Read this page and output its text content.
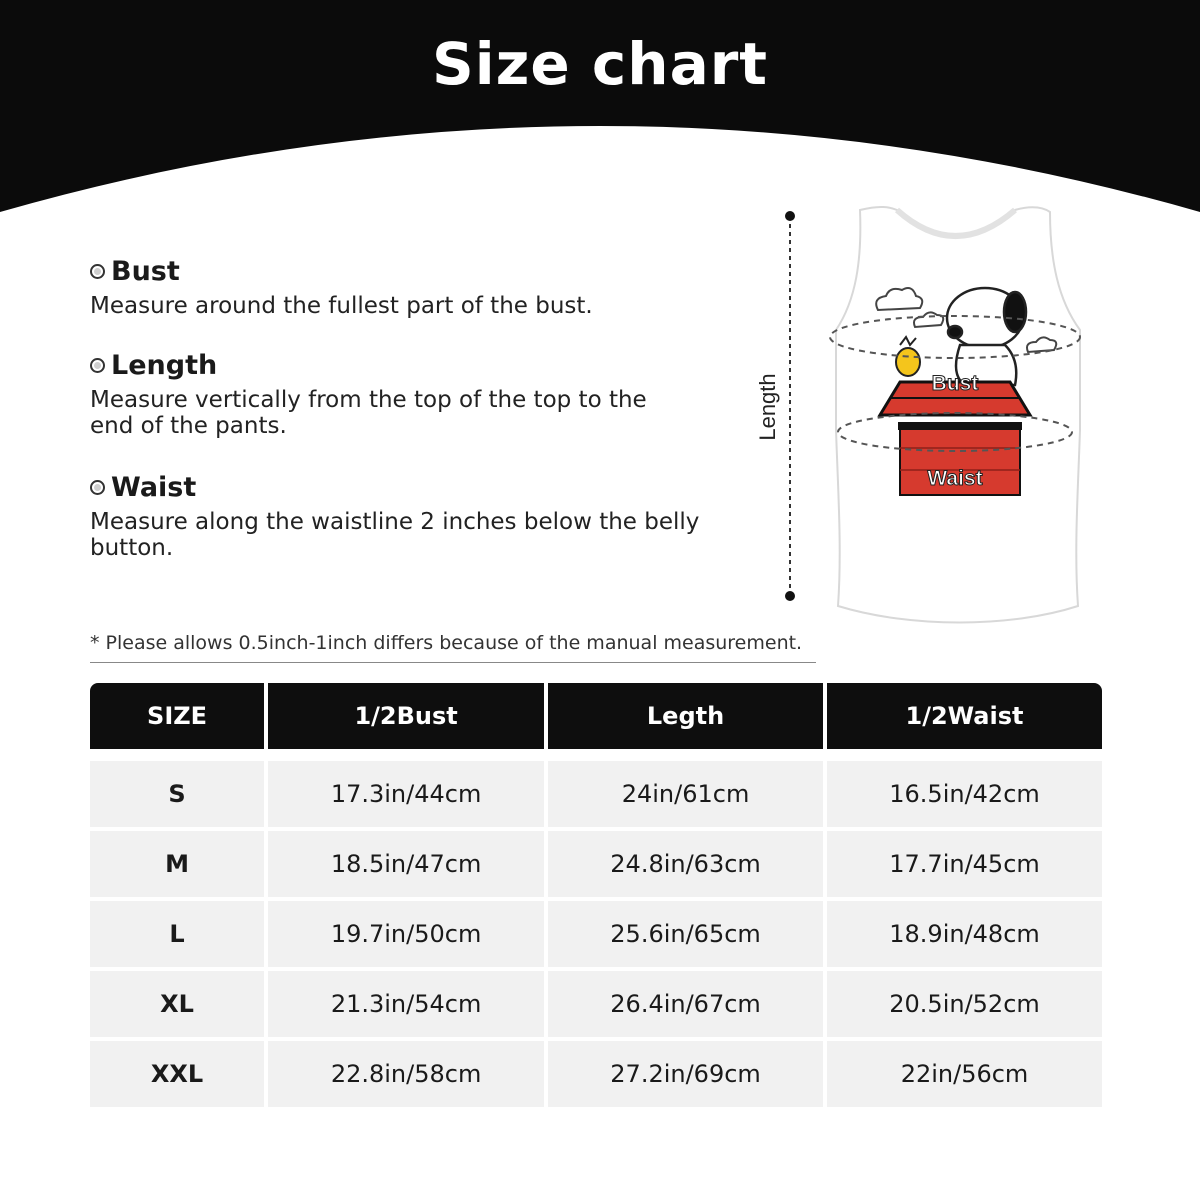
Size chart
Bust
Measure around the fullest part of the bust.
Length
Measure vertically from the top of the top to the end of the pants.
Waist
Measure along the waistline 2 inches below the belly button.
Length	Bust
Waist
* Please allows 0.5inch-1inch differs because of the manual measurement.
SIZE	1/2Bust	Legth	1/2Waist

S	17.3in/44cm	24in/61cm	16.5in/42cm
M	18.5in/47cm	24.8in/63cm	17.7in/45cm
L	19.7in/50cm	25.6in/65cm	18.9in/48cm
XL	21.3in/54cm	26.4in/67cm	20.5in/52cm
XXL	22.8in/58cm	27.2in/69cm	22in/56cm
